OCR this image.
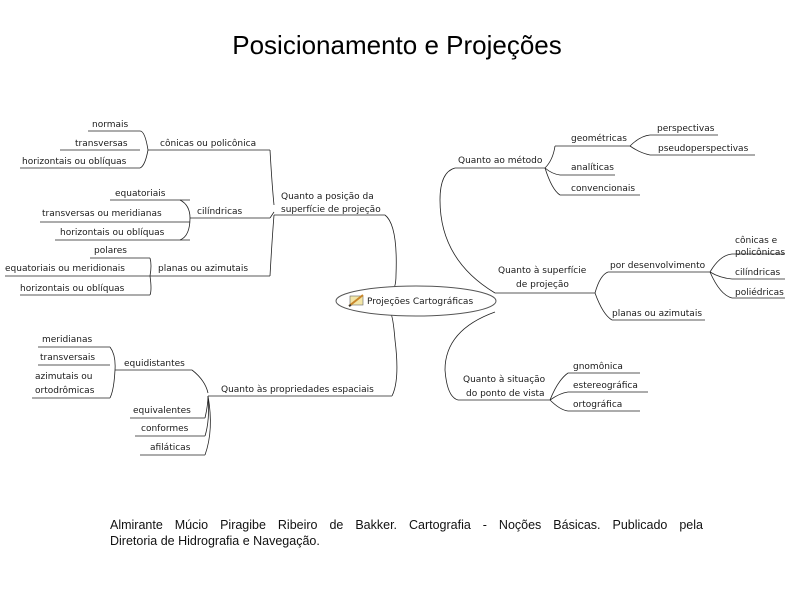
Posicionamento e Projeções
Projeções Cartográficas
normais
transversas
horizontais ou oblíquas
cônicas ou policônica
equatoriais
transversas ou meridianas
horizontais ou oblíquas
cilíndricas
polares
equatoriais ou meridionais
horizontais ou oblíquas
planas ou azimutais
Quanto a posição da
superfície de projeção
meridianas
transversais
azimutais ou
ortodrômicas
equidistantes
equivalentes
conformes
afiláticas
Quanto às propriedades espaciais
Quanto ao método
geométricas
perspectivas
pseudoperspectivas
analíticas
convencionais
Quanto à superfície
de projeção
por desenvolvimento
cônicas e
policônicas
cilíndricas
poliédricas
planas ou azimutais
Quanto à situação
do ponto de vista
gnomônica
estereográfica
ortográfica
Almirante Múcio Piragibe Ribeiro de Bakker. Cartografia - Noções Básicas. Publicado pela
Diretoria de Hidrografia e Navegação.
